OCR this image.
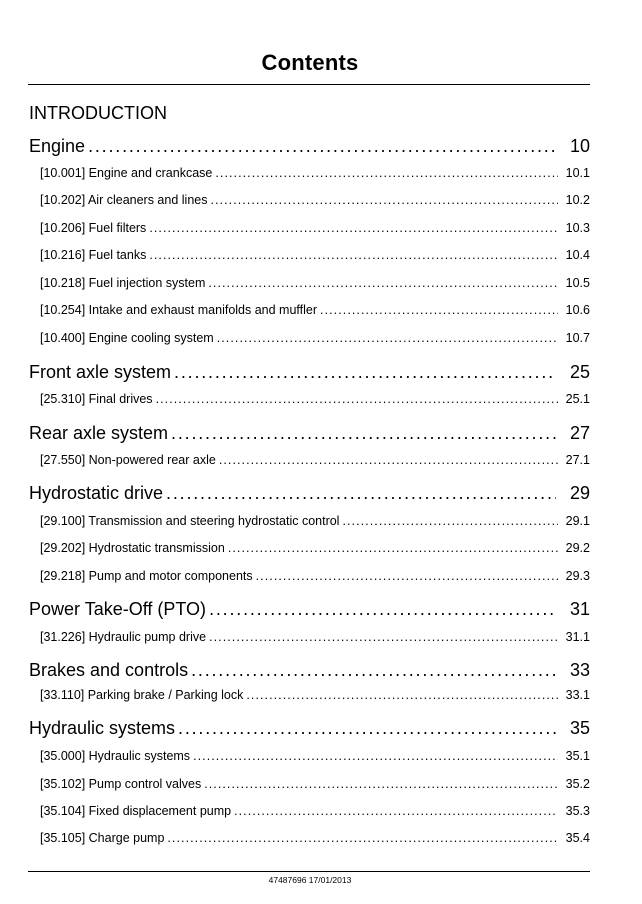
Contents
INTRODUCTION
Engine . . .	10
[10.001] Engine and crankcase . . .	10.1
[10.202] Air cleaners and lines . . .	10.2
[10.206] Fuel filters . . .	10.3
[10.216] Fuel tanks . . .	10.4
[10.218] Fuel injection system . . .	10.5
[10.254] Intake and exhaust manifolds and muffler . . .	10.6
[10.400] Engine cooling system . . .	10.7
Front axle system . . .	25
[25.310] Final drives . . .	25.1
Rear axle system . . .	27
[27.550] Non-powered rear axle . . .	27.1
Hydrostatic drive . . .	29
[29.100] Transmission and steering hydrostatic control . . .	29.1
[29.202] Hydrostatic transmission . . .	29.2
[29.218] Pump and motor components . . .	29.3
Power Take-Off (PTO) . . .	31
[31.226] Hydraulic pump drive . . .	31.1
Brakes and controls . . .	33
[33.110] Parking brake / Parking lock . . .	33.1
Hydraulic systems . . .	35
[35.000] Hydraulic systems . . .	35.1
[35.102] Pump control valves . . .	35.2
[35.104] Fixed displacement pump . . .	35.3
[35.105] Charge pump . . .	35.4
47487696 17/01/2013
